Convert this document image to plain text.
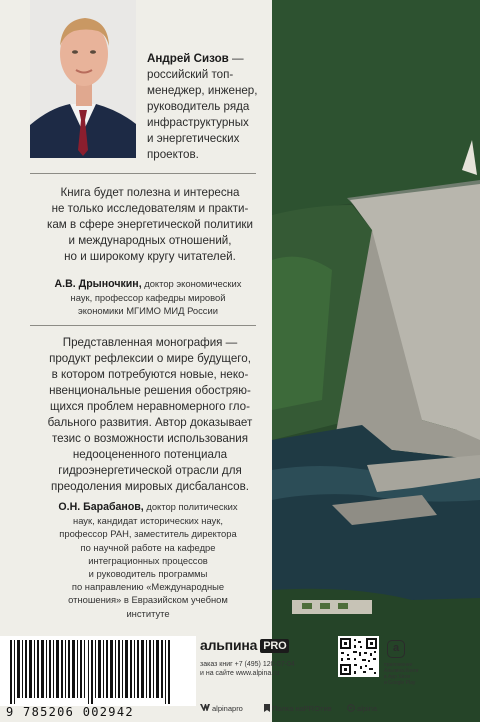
Андрей Сизов —
российский топ-
менеджер, инженер,
руководитель ряда
инфраструктурных
и энергетических
проектов.
Книга будет полезна и интересна
не только исследователям и практи-
кам в сфере энергетической политики
и международных отношений,
но и широкому кругу читателей.
А.В. Дрыночкин, доктор экономических
наук, профессор кафедры мировой
экономики МГИМО МИД России
Представленная монография —
продукт рефлексии о мире будущего,
в котором потребуются новые, неко-
нвенциональные решения обостряю-
щихся проблем неравномерного гло-
бального развития. Автор доказывает
тезис о возможности использования
недооцененного потенциала
гидроэнергетической отрасли для
преодоления мировых дисбалансов.
О.Н. Барабанов, доктор политических
наук, кандидат исторических наук,
профессор РАН, заместитель директора
по научной работе на кафедре
интеграционных процессов
и руководитель программы
по направлению «Международные
отношения» в Евразийском учебном
институте
9 785206 002942
альпина PRO
заказ книг +7 (495) 120-07-04
и на сайте www.alpina.ru
a
приложение
Альпина.Книги
в App Store
и Google Play
alpinapro	Полка наPROтив	alpina
